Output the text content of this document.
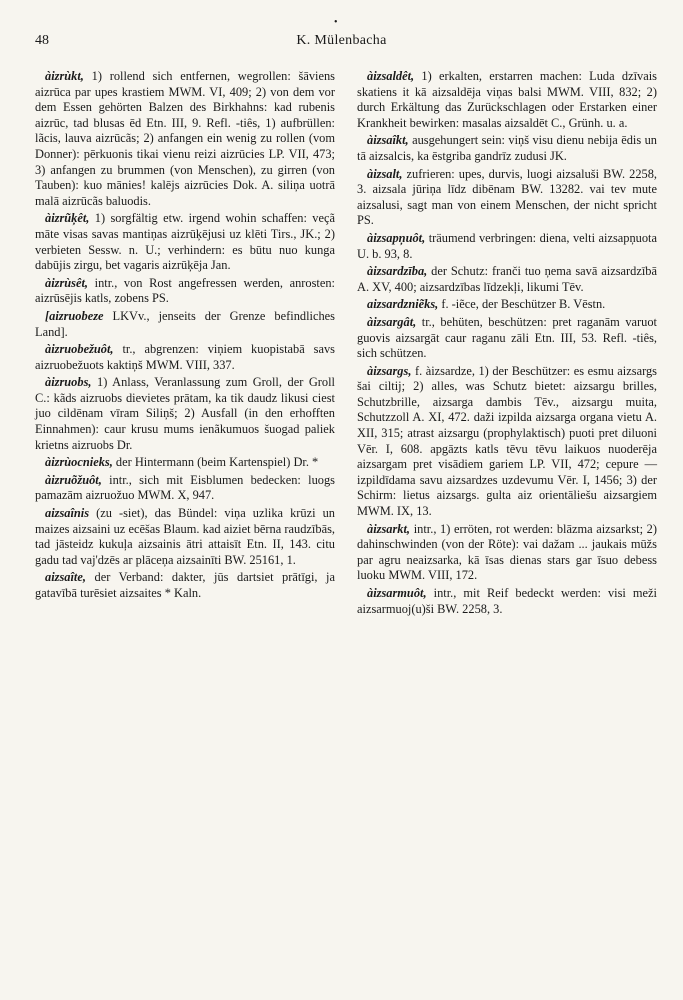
48
•
K. Mülenbacha

àizrùkt, 1) rollend sich entfernen, wegrollen: šāviens aizrūca par upes krastiem MWM. VI, 409; 2) von dem vor dem Essen gehörten Balzen des Birkhahns: kad rubenis aizrūc, tad blusas ēd Etn. III, 9. Refl. -tiês, 1) aufbrüllen: lãcis, lauva aizrūcãs; 2) anfangen ein wenig zu rollen (vom Donner): pērkuonis tikai vienu reizi aizrūcies LP. VII, 473; 3) anfangen zu brummen (von Menschen), zu girren (von Tauben): kuo mānies! kalējs aizrūcies Dok. A. siliņa uotrā malā aizrūcãs baluodis.

àizrũķêt, 1) sorgfältig etw. irgend wohin schaffen: veçã māte visas savas mantiņas aizrūķējusi uz klēti Tirs., JK.; 2) verbieten Sessw. n. U.; verhindern: es būtu nuo kunga dabūjis zirgu, bet vagaris aizrūķēja Jan.

àizrùsêt, intr., von Rost angefressen werden, anrosten: aizrūsējis katls, zobens PS.

[aizruobeze LKVv., jenseits der Grenze befindliches Land].

àizruobežuôt, tr., abgrenzen: viņiem kuopistabā savs aizruobežuots kaktiņš MWM. VIII, 337.

àizruobs, 1) Anlass, Veranlassung zum Groll, der Groll C.: kãds aizruobs dievietes prātam, ka tik daudz likusi ciest juo cildēnam vīram Siliņš; 2) Ausfall (in den erhofften Einnahmen): caur krusu mums ienãkumuos šuogad paliek krietns aizruobs Dr.

àizrùocnieks, der Hintermann (beim Kartenspiel) Dr. *

àizruõžuôt, intr., sich mit Eisblumen bedecken: luogs pamazām aizruožuo MWM. X, 947.

aizsaînis (zu -siet), das Bündel: viņa uzlika krūzi un maizes aizsaini uz ecēšas Blaum. kad aiziet bērna raudzībās, tad jāsteidz kukuļa aizsainis ātri attaisīt Etn. II, 143. citu gadu tad vaj'dzēs ar plāceņa aizsainīti BW. 25161, 1.

aizsaîte, der Verband: dakter, jūs dartsiet prātīgi, ja gatavībā turēsiet aizsaites * Kaln.

àizsaldêt, 1) erkalten, erstarren machen: Luda dzīvais skatiens it kā aizsaldēja viņas balsi MWM. VIII, 832; 2) durch Erkältung das Zurückschlagen oder Erstarken einer Krankheit bewirken: masalas aizsaldēt C., Grünh. u. a.

àizsaîkt, ausgehungert sein: viņš visu dienu nebija ēdis un tā aizsalcis, ka ēstgriba gandrīz zudusi JK.

àizsalt, zufrieren: upes, durvis, luogi aizsaluši BW. 2258, 3. aizsala jūriņa līdz dibēnam BW. 13282. vai tev mute aizsalusi, sagt man von einem Menschen, der nicht spricht PS.

àizsapņuôt, träumend verbringen: diena, velti aizsapņuota U. b. 93, 8.

àizsardzība, der Schutz: franči tuo ņema savā aizsardzībā A. XV, 400; aizsardzības līdzekļi, likumi Tēv.

aizsardzniẽks, f. -iẽce, der Beschützer B. Vēstn.

àizsargât, tr., behüten, beschützen: pret raganām varuot guovis aizsargāt caur raganu zāli Etn. III, 53. Refl. -tiês, sich schützen.

àizsargs, f. àizsardze, 1) der Beschützer: es esmu aizsargs šai ciltij; 2) alles, was Schutz bietet: aizsargu brilles, Schutzbrille, aizsarga dambis Tēv., aizsargu muita, Schutzzoll A. XI, 472. daži izpilda aizsarga organa vietu A. XII, 315; atrast aizsargu (prophylaktisch) puoti pret diluoni Vēr. I, 608. apgāzts katls tēvu tēvu laikuos nuoderēja aizsargam pret visādiem gariem LP. VII, 472; cepure — izpildīdama savu aizsardzes uzdevumu Vēr. I, 1456; 3) der Schirm: lietus aizsargs. gulta aiz orientāliešu aizsargiem MWM. IX, 13.

àizsarkt, intr., 1) erröten, rot werden: blāzma aizsarkst; 2) dahinschwinden (von der Röte): vai dažam ... jaukais mūžs par agru neaizsarka, kā īsas dienas stars gar īsuo debess luoku MWM. VIII, 172.

àizsarmuôt, intr., mit Reif bedeckt werden: visi meži aizsarmuoj(u)ši BW. 2258, 3.
